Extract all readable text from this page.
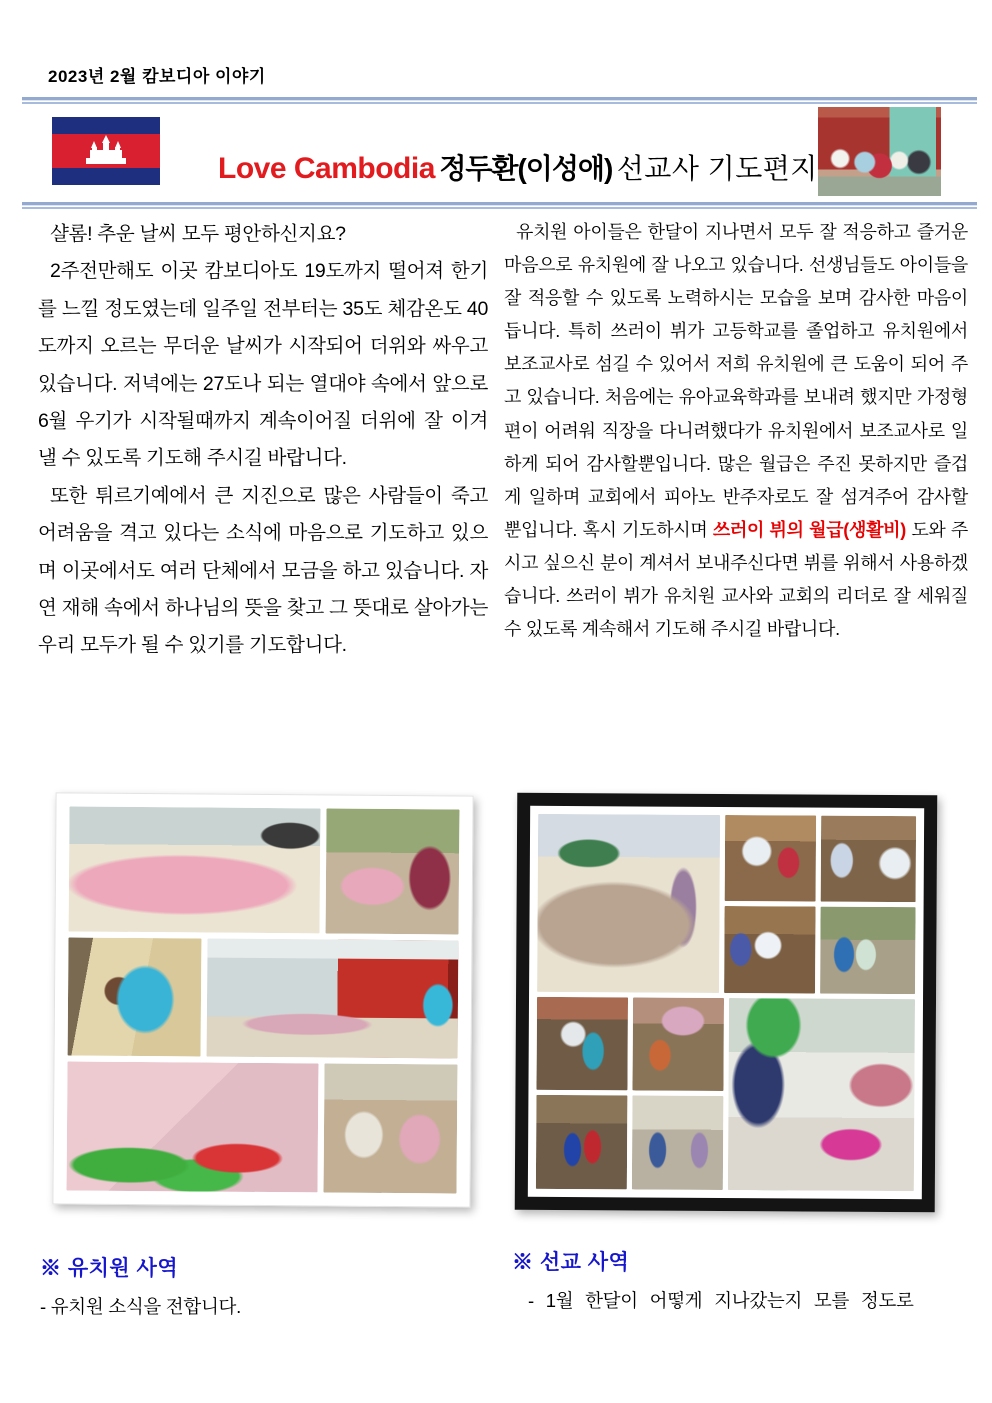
2023년 2월 캄보디아 이야기
Love Cambodia 정두환(이성애) 선교사 기도편지

샬롬! 추운 날씨 모두 평안하신지요?

2주전만해도 이곳 캄보디아도 19도까지 떨어져 한기를 느낄 정도였는데 일주일 전부터는 35도 체감온도 40도까지 오르는 무더운 날씨가 시작되어 더위와 싸우고 있습니다. 저녁에는 27도나 되는 열대야 속에서 앞으로 6월 우기가 시작될때까지 계속이어질 더위에 잘 이겨 낼 수 있도록 기도해 주시길 바랍니다.

또한 튀르기예에서 큰 지진으로 많은 사람들이 죽고 어려움을 격고 있다는 소식에 마음으로 기도하고 있으며 이곳에서도 여러 단체에서 모금을 하고 있습니다. 자연 재해 속에서 하나님의 뜻을 찾고 그 뜻대로 살아가는 우리 모두가 될 수 있기를 기도합니다.

유치원 아이들은 한달이 지나면서 모두 잘 적응하고 즐거운 마음으로 유치원에 잘 나오고 있습니다. 선생님들도 아이들을 잘 적응할 수 있도록 노력하시는 모습을 보며 감사한 마음이 듭니다. 특히 쓰러이 뷔가 고등학교를 졸업하고 유치원에서 보조교사로 섬길 수 있어서 저희 유치원에 큰 도움이 되어 주고 있습니다. 처음에는 유아교육학과를 보내려 했지만 가정형편이 어려워 직장을 다니려했다가 유치원에서 보조교사로 일하게 되어 감사할뿐입니다. 많은 월급은 주진 못하지만 즐겁게 일하며 교회에서 피아노 반주자로도 잘 섬겨주어 감사할 뿐입니다. 혹시 기도하시며 쓰러이 뷔의 월급(생활비) 도와 주시고 싶으신 분이 계셔서 보내주신다면 뷔를 위해서 사용하겠습니다. 쓰러이 뷔가 유치원 교사와 교회의 리더로 잘 세워질 수 있도록 계속해서 기도해 주시길 바랍니다.

※ 유치원 사역
- 유치원 소식을 전합니다.
※ 선교 사역
- 1월 한달이 어떻게 지나갔는지 모를 정도로
